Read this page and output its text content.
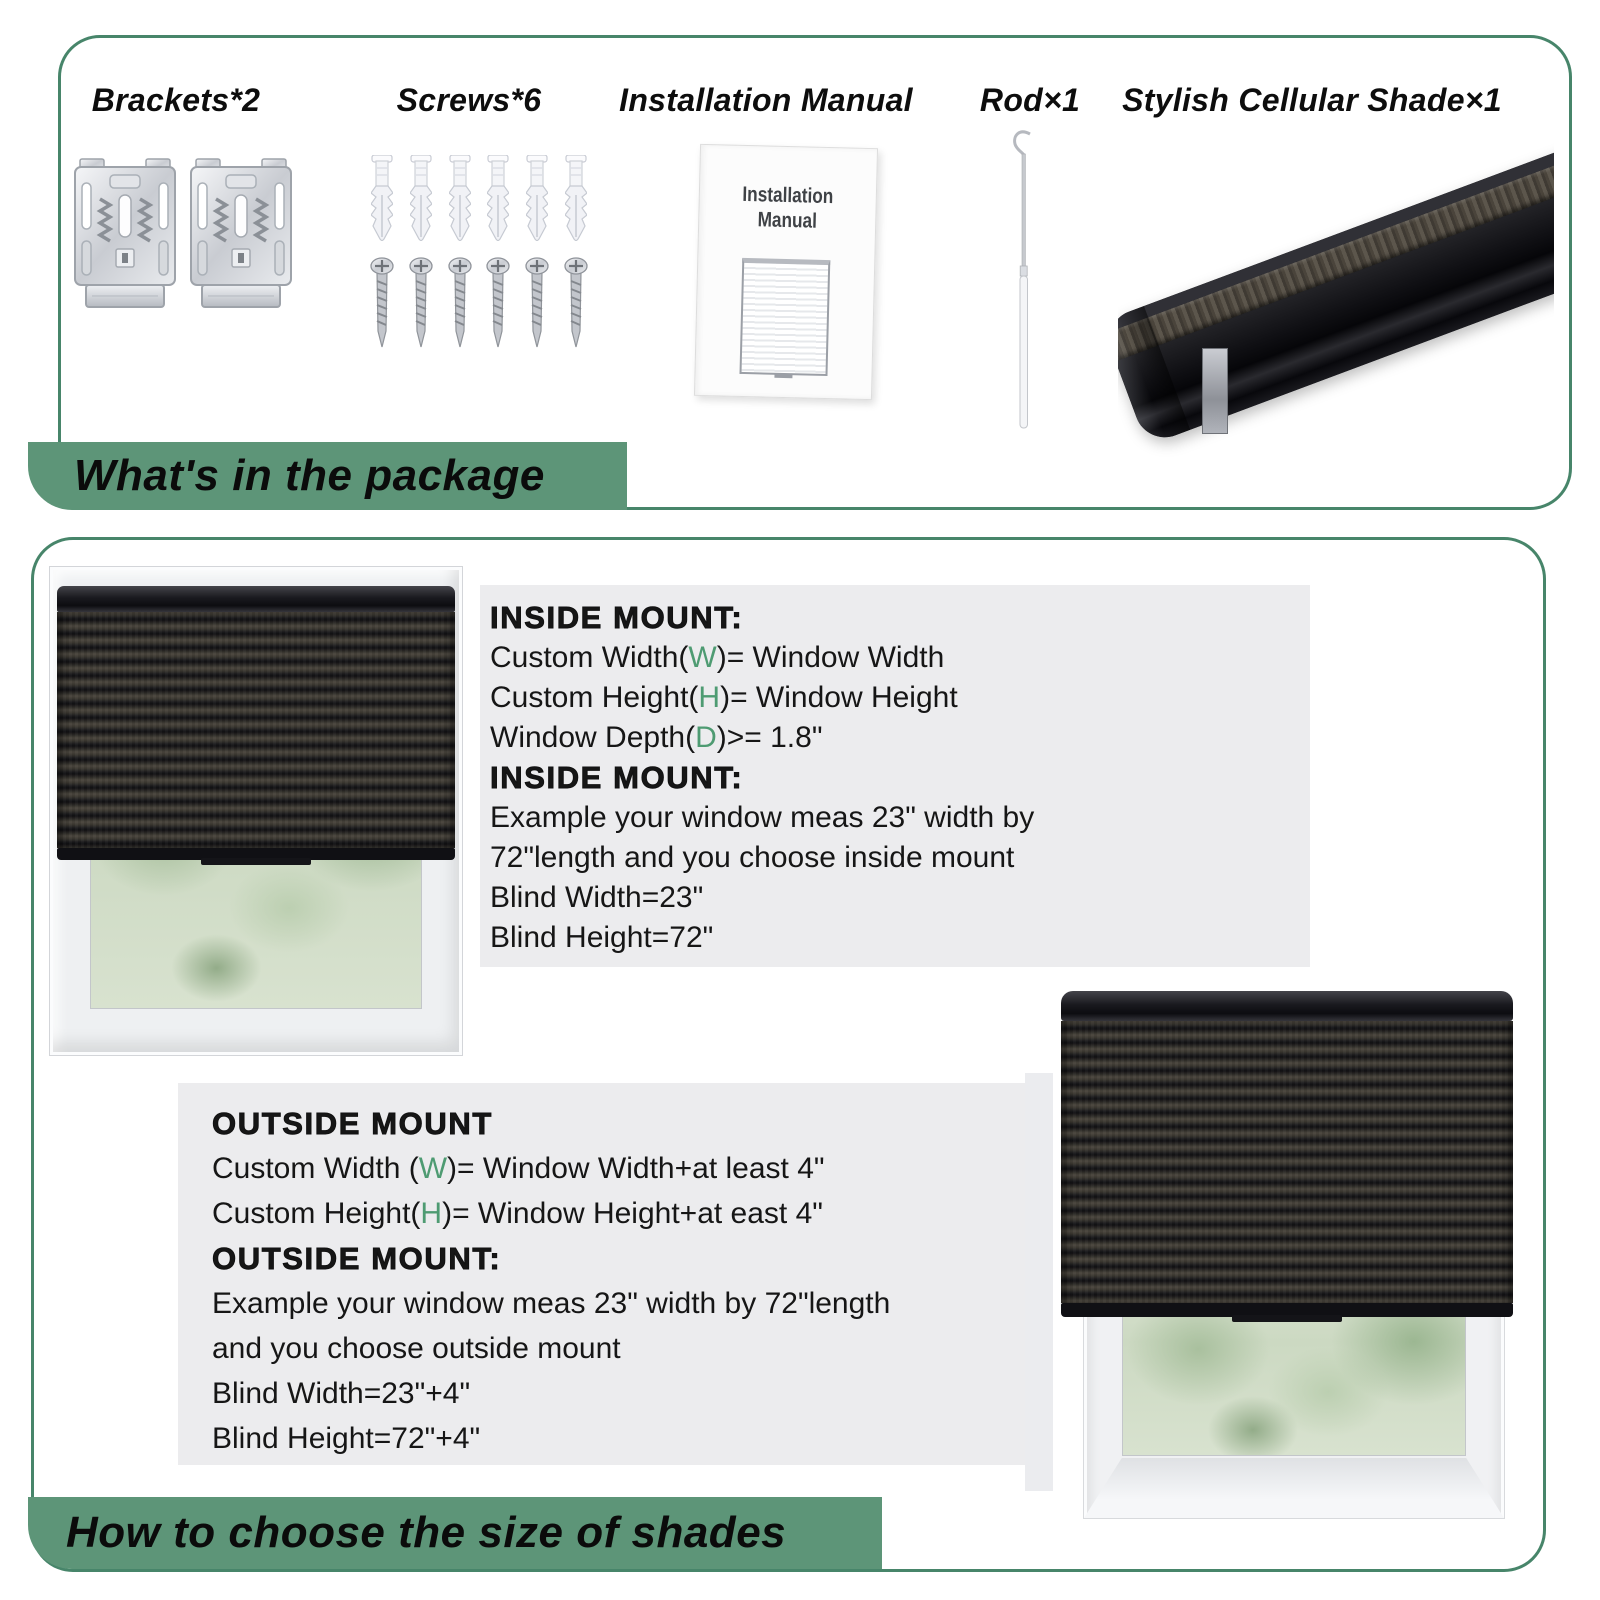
Brackets*2	Screws*6 Installation Manual Rod×1 Stylish Cellular Shade×1
Installation
Manual
What's in the package

INSIDE MOUNT:

Custom Width(W)= Window Width

Custom Height(H)= Window Height

Window Depth(D)>= 1.8"

INSIDE MOUNT:

Example your window meas 23" width by

72"length and you choose inside mount

Blind Width=23"

Blind Height=72"

OUTSIDE MOUNT

Custom Width (W)= Window Width+at least 4"

Custom Height(H)= Window Height+at east 4"

OUTSIDE MOUNT:

Example your window meas 23" width by 72"length

and you choose outside mount

Blind Width=23"+4"

Blind Height=72"+4"

How to choose the size of shades
